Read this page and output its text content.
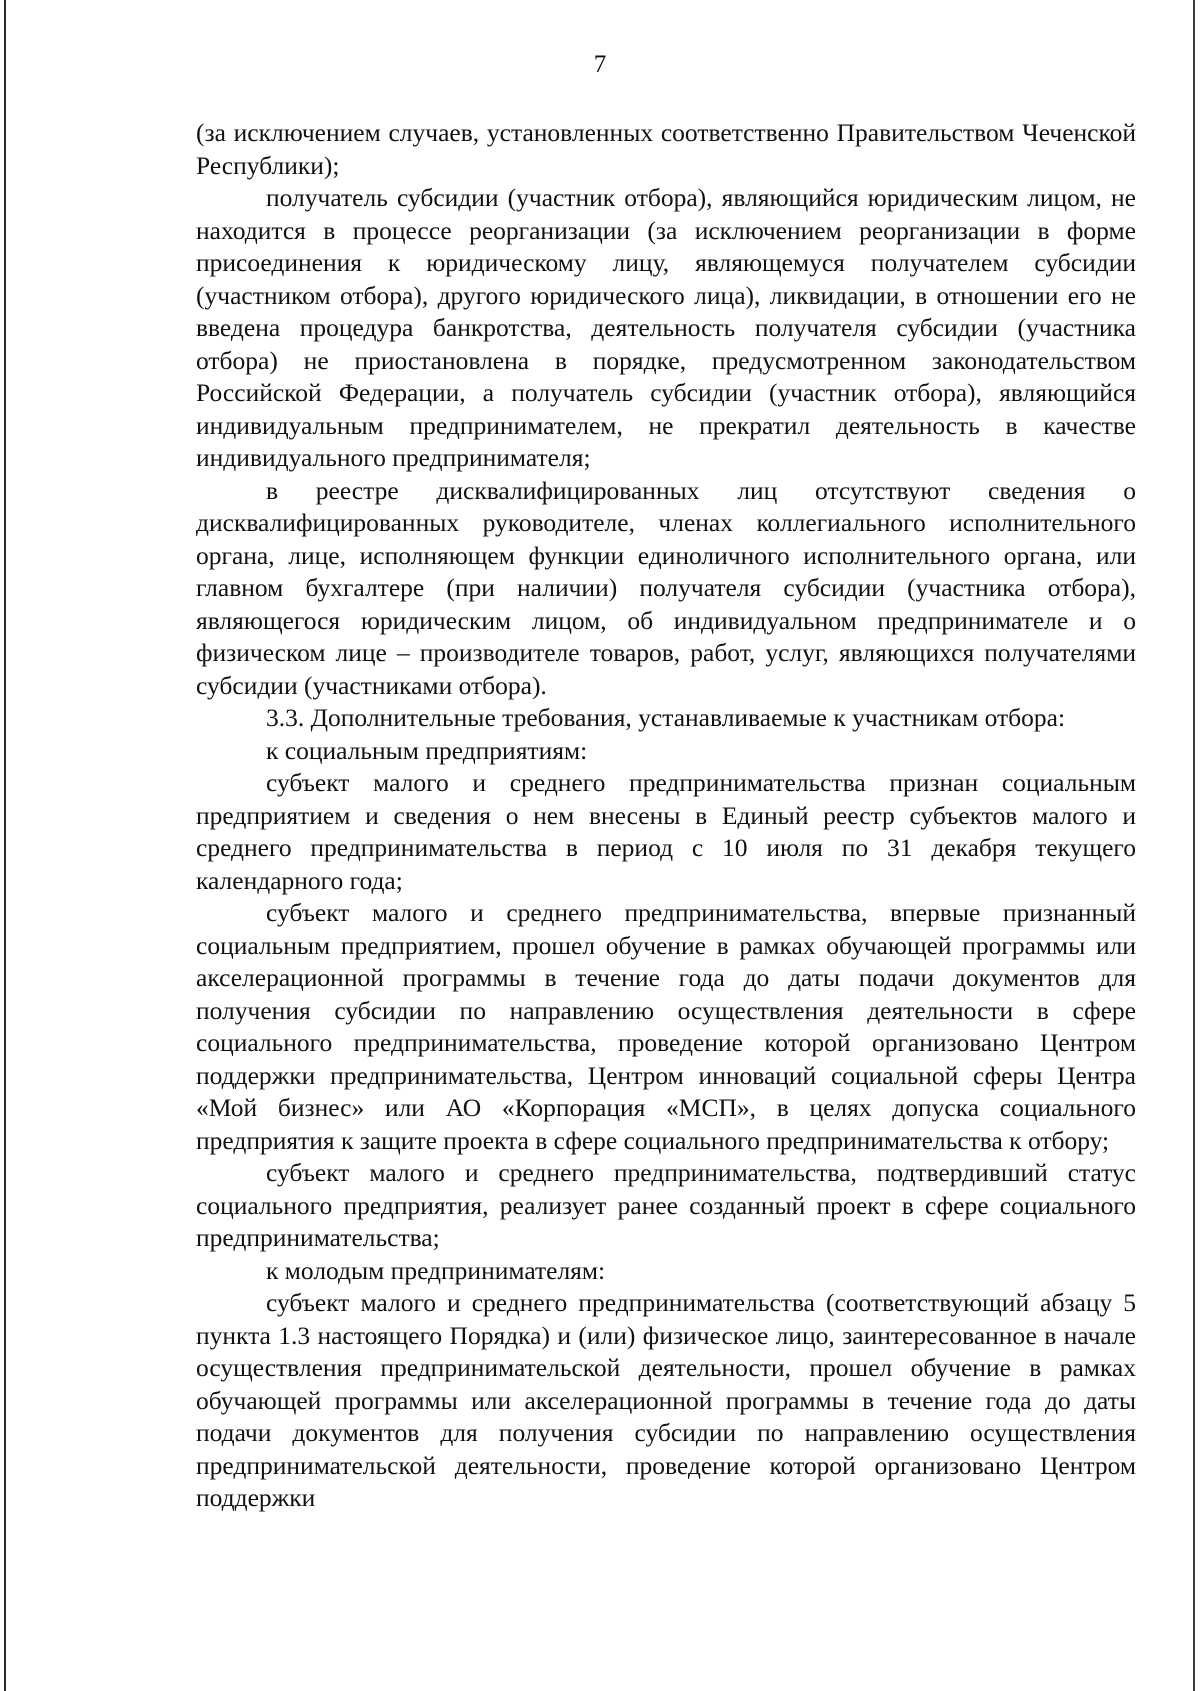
7

(за исключением случаев, установленных соответственно Правительством Чеченской Республики);

получатель субсидии (участник отбора), являющийся юридическим лицом, не находится в процессе реорганизации (за исключением реорганизации в форме присоединения к юридическому лицу, являющемуся получателем субсидии (участником отбора), другого юридического лица), ликвидации, в отношении его не введена процедура банкротства, деятельность получателя субсидии (участника отбора) не приостановлена в порядке, предусмотренном законодательством Российской Федерации, а получатель субсидии (участник отбора), являющийся индивидуальным предпринимателем, не прекратил деятельность в качестве индивидуального предпринимателя;

в реестре дисквалифицированных лиц отсутствуют сведения о дисквалифицированных руководителе, членах коллегиального исполнительного органа, лице, исполняющем функции единоличного исполнительного органа, или главном бухгалтере (при наличии) получателя субсидии (участника отбора), являющегося юридическим лицом, об индивидуальном предпринимателе и о физическом лице – производителе товаров, работ, услуг, являющихся получателями субсидии (участниками отбора).

3.3. Дополнительные требования, устанавливаемые к участникам отбора:

к социальным предприятиям:

субъект малого и среднего предпринимательства признан социальным предприятием и сведения о нем внесены в Единый реестр субъектов малого и среднего предпринимательства в период с 10 июля по 31 декабря текущего календарного года;

субъект малого и среднего предпринимательства, впервые признанный социальным предприятием, прошел обучение в рамках обучающей программы или акселерационной программы в течение года до даты подачи документов для получения субсидии по направлению осуществления деятельности в сфере социального предпринимательства, проведение которой организовано Центром поддержки предпринимательства, Центром инноваций социальной сферы Центра «Мой бизнес» или АО «Корпорация «МСП», в целях допуска социального предприятия к защите проекта в сфере социального предпринимательства к отбору;

субъект малого и среднего предпринимательства, подтвердивший статус социального предприятия, реализует ранее созданный проект в сфере социального предпринимательства;

к молодым предпринимателям:

субъект малого и среднего предпринимательства (соответствующий абзацу 5 пункта 1.3 настоящего Порядка) и (или) физическое лицо, заинтересованное в начале осуществления предпринимательской деятельности, прошел обучение в рамках обучающей программы или акселерационной программы в течение года до даты подачи документов для получения субсидии по направлению осуществления предпринимательской деятельности, проведение которой организовано Центром поддержки
